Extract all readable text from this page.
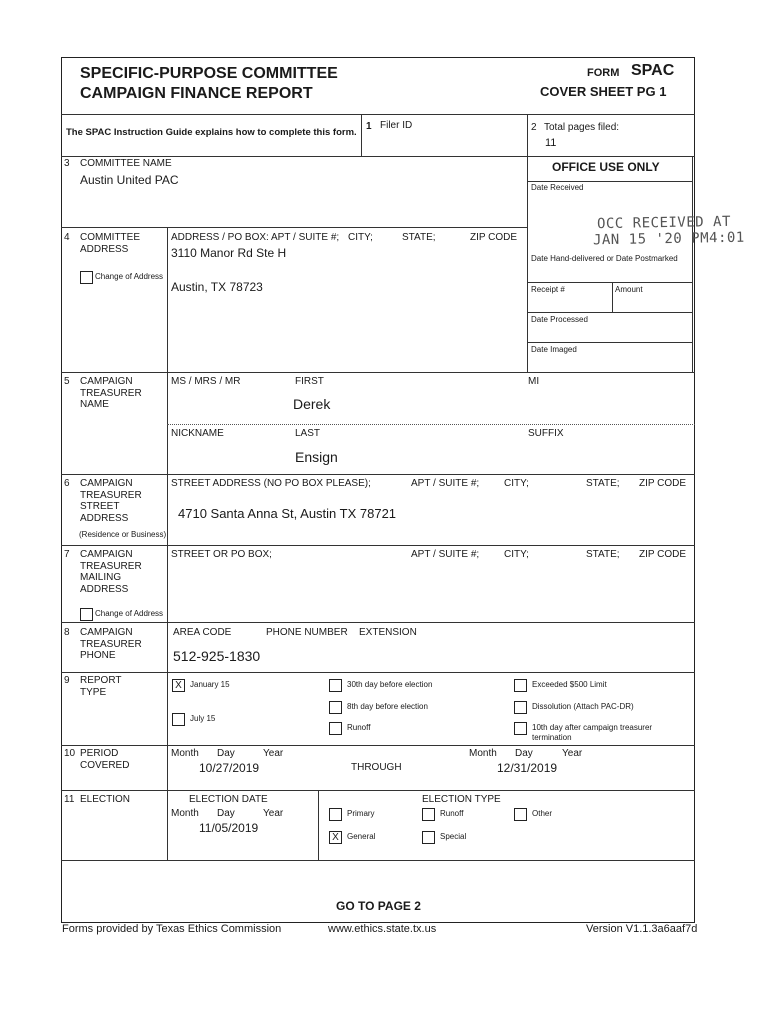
SPECIFIC-PURPOSE COMMITTEE
CAMPAIGN FINANCE REPORT
FORM SPAC
COVER SHEET PG 1
The SPAC Instruction Guide explains how to complete this form.
1 Filer ID	2 Total pages filed:
11
OFFICE USE ONLY
Date Received
OCC RECEIVED AT
JAN 15 '20 PM4:01
Date Hand-delivered or Date Postmarked
Receipt #	Amount
Date Processed
Date Imaged
3 COMMITTEE NAME
Austin United PAC
4 COMMITTEE
ADDRESS
Change of Address
ADDRESS / PO BOX: APT / SUITE #; CITY;	STATE;	ZIP CODE
3110 Manor Rd Ste H
Austin, TX 78723
5 CAMPAIGN
TREASURER
NAME
MS / MRS / MR	FIRST	MI
Derek
NICKNAME	LAST	SUFFIX
Ensign
6 CAMPAIGN
TREASURER
STREET
ADDRESS
(Residence or Business)
STREET ADDRESS (NO PO BOX PLEASE);	APT / SUITE #; CITY;	STATE; ZIP CODE
4710 Santa Anna St, Austin TX 78721
7 CAMPAIGN
TREASURER
MAILING
ADDRESS
Change of Address
STREET OR PO BOX;	APT / SUITE #; CITY;	STATE; ZIP CODE
8 CAMPAIGN
TREASURER
PHONE
AREA CODE	PHONE NUMBER EXTENSION
512-925-1830
9 REPORT
TYPE
X	January 15
July 15
30th day before election
8th day before election
Runoff
Exceeded $500 Limit
Dissolution (Attach PAC-DR)
10th day after campaign treasurer
termination
10 PERIOD
COVERED
Month Day	Year
10/27/2019	THROUGH
Month Day	Year
12/31/2019
11 ELECTION	ELECTION DATE
Month Day	Year
11/05/2019
ELECTION TYPE
Primary	Runoff	Other
X	General	Special
GO TO PAGE 2
Forms provided by Texas Ethics Commission	www.ethics.state.tx.us	Version V1.1.3a6aaf7d
